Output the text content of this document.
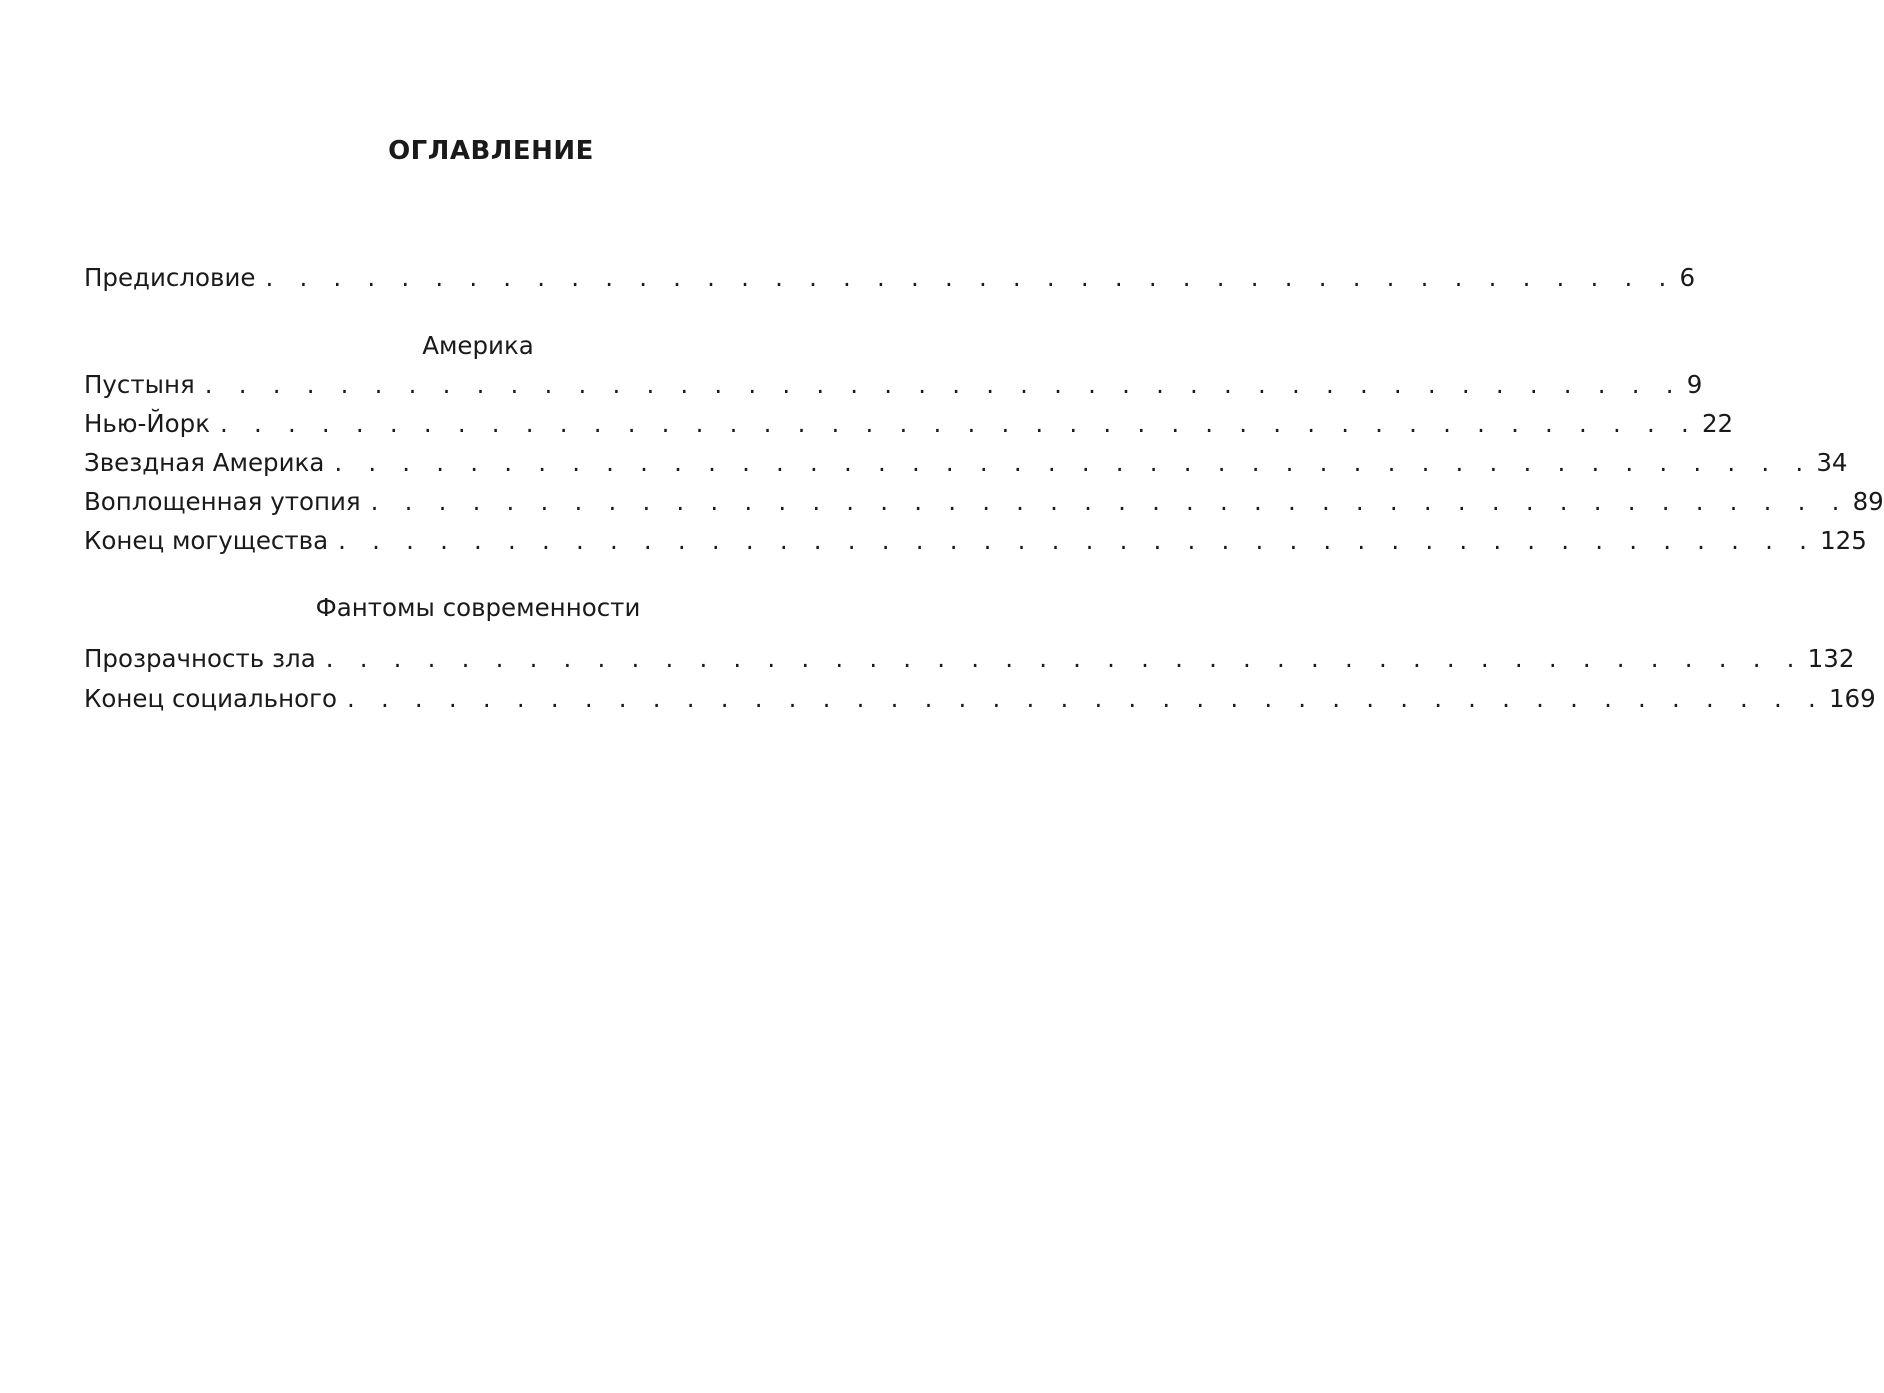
ОГЛАВЛЕНИЕ
Предисловие . . . . . . . . . . . . . . . . . . . . . . . . . . . . . . . . . . . . . . . . . . 6
Америка
Пустыня . . . . . . . . . . . . . . . . . . . . . . . . . . . . . . . . . . . . . . . . . . . . 9
Нью-Йорк . . . . . . . . . . . . . . . . . . . . . . . . . . . . . . . . . . . . . . . . . . . . 22
Звездная Америка . . . . . . . . . . . . . . . . . . . . . . . . . . . . . . . . . . . . . . . . . . . . 34
Воплощенная утопия . . . . . . . . . . . . . . . . . . . . . . . . . . . . . . . . . . . . . . . . . . . . 89
Конец могущества . . . . . . . . . . . . . . . . . . . . . . . . . . . . . . . . . . . . . . . . . . . . 125
Фантомы современности
Прозрачность зла . . . . . . . . . . . . . . . . . . . . . . . . . . . . . . . . . . . . . . . . . . . . 132
Конец социального . . . . . . . . . . . . . . . . . . . . . . . . . . . . . . . . . . . . . . . . . . . . 169
